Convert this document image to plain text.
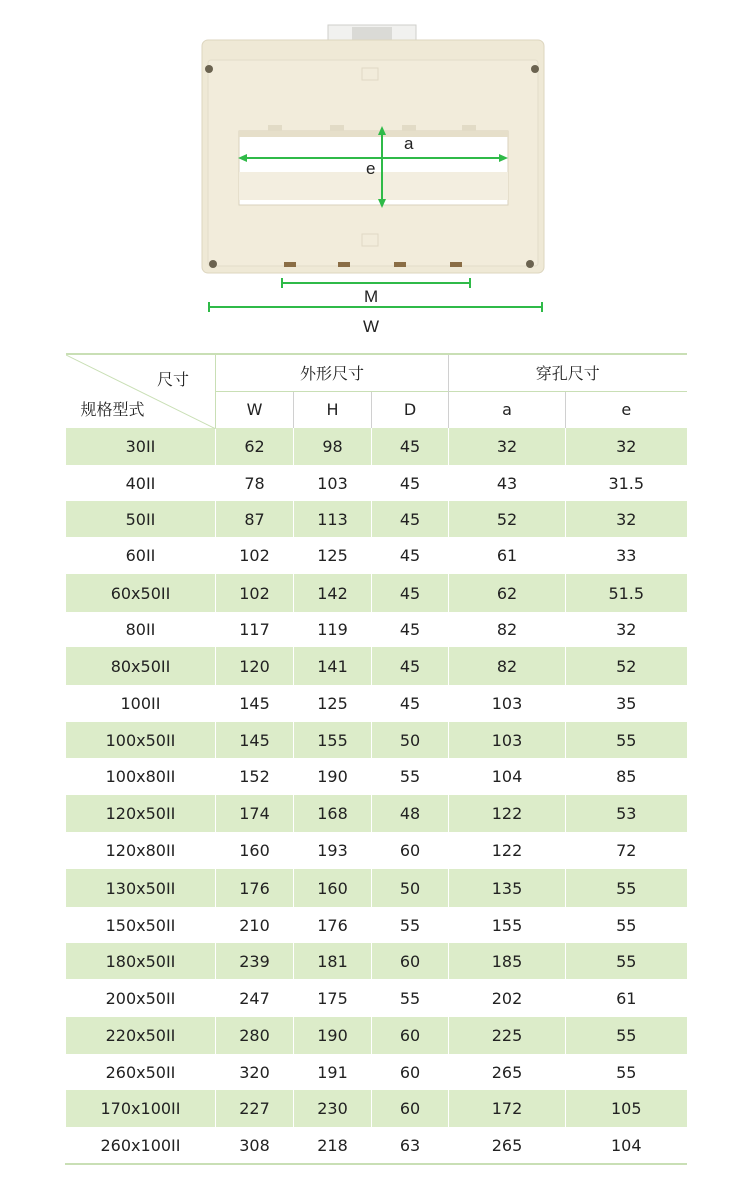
a
e
M
W
尺寸
规格型式	外形尺寸			穿孔尺寸	
	W	H	D	a	e
30II	62	98	45	32	32
40II	78	103	45	43	31.5
50II	87	113	45	52	32
60II	102	125	45	61	33
60x50II	102	142	45	62	51.5
80II	117	119	45	82	32
80x50II	120	141	45	82	52
100II	145	125	45	103	35
100x50II	145	155	50	103	55
100x80II	152	190	55	104	85
120x50II	174	168	48	122	53
120x80II	160	193	60	122	72
130x50II	176	160	50	135	55
150x50II	210	176	55	155	55
180x50II	239	181	60	185	55
200x50II	247	175	55	202	61
220x50II	280	190	60	225	55
260x50II	320	191	60	265	55
170x100II	227	230	60	172	105
260x100II	308	218	63	265	104
